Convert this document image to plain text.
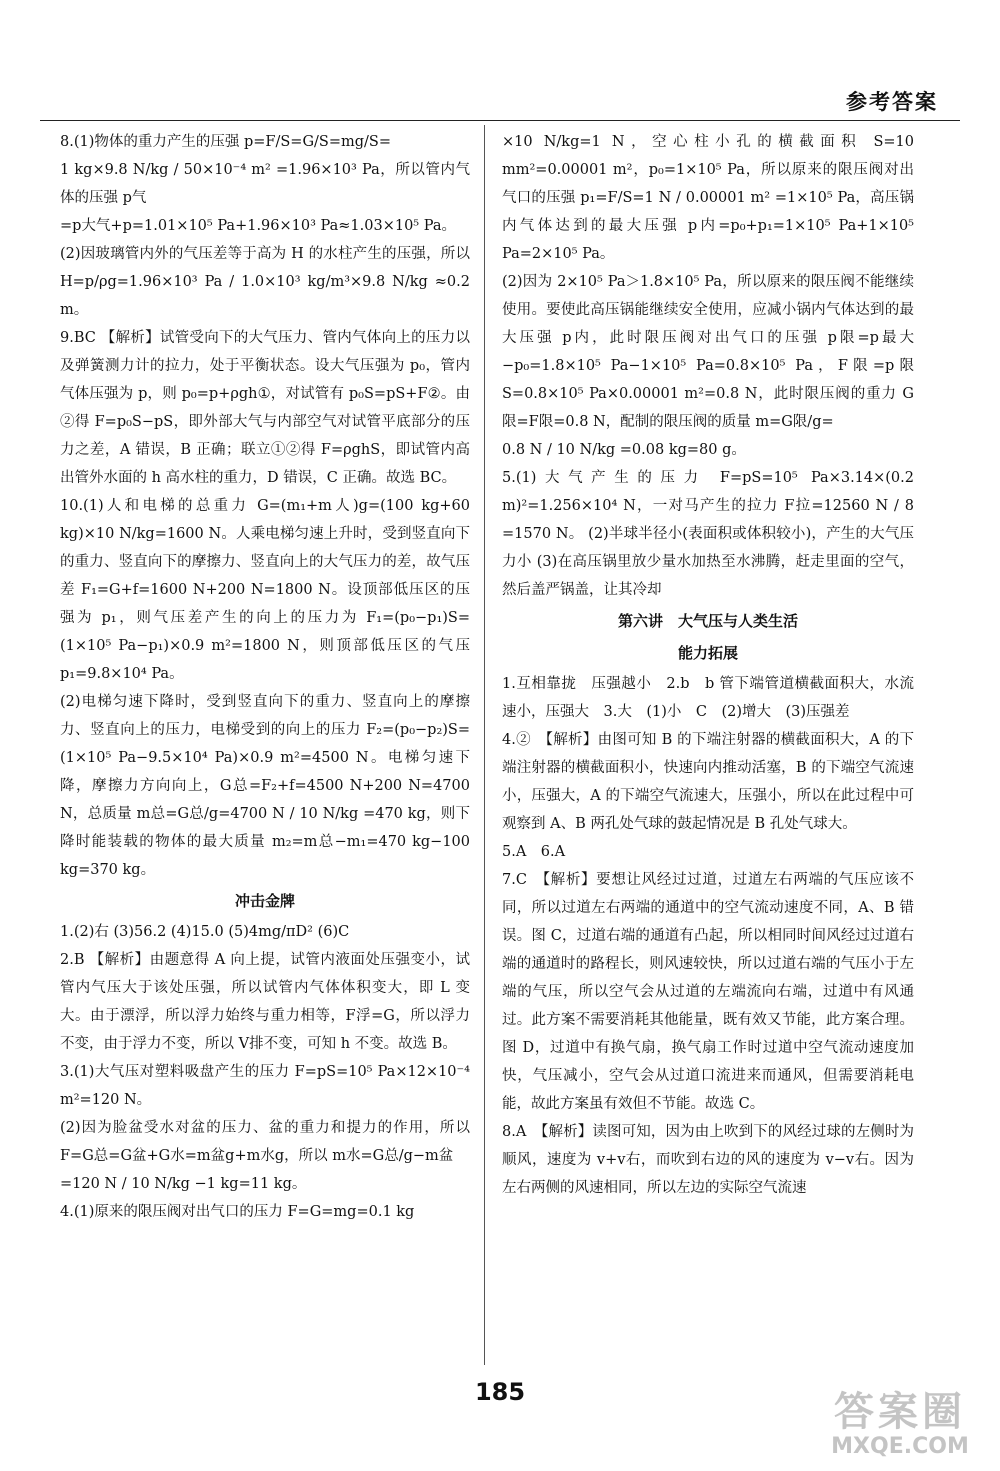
参考答案

8.(1)物体的重力产生的压强 p=F/S=G/S=mg/S=

1 kg×9.8 N/kg / 50×10⁻⁴ m² =1.96×10³ Pa，所以管内气体的压强 p气

=p大气+p=1.01×10⁵ Pa+1.96×10³ Pa≈1.03×10⁵ Pa。

(2)因玻璃管内外的气压差等于高为 H 的水柱产生的压强，所以 H=p/ρg=1.96×10³ Pa / 1.0×10³ kg/m³×9.8 N/kg ≈0.2 m。

9.BC 【解析】试管受向下的大气压力、管内气体向上的压力以及弹簧测力计的拉力，处于平衡状态。设大气压强为 p₀，管内气体压强为 p，则 p₀=p+ρgh①，对试管有 p₀S=pS+F②。由②得 F=p₀S−pS，即外部大气与内部空气对试管平底部分的压力之差，A 错误，B 正确；联立①②得 F=ρghS，即试管内高出管外水面的 h 高水柱的重力，D 错误，C 正确。故选 BC。

10.(1)人和电梯的总重力 G=(m₁+m人)g=(100 kg+60 kg)×10 N/kg=1600 N。人乘电梯匀速上升时，受到竖直向下的重力、竖直向下的摩擦力、竖直向上的大气压力的差，故气压差 F₁=G+f=1600 N+200 N=1800 N。设顶部低压区的压强为 p₁，则气压差产生的向上的压力为 F₁=(p₀−p₁)S=(1×10⁵ Pa−p₁)×0.9 m²=1800 N，则顶部低压区的气压 p₁=9.8×10⁴ Pa。

(2)电梯匀速下降时，受到竖直向下的重力、竖直向上的摩擦力、竖直向上的压力，电梯受到的向上的压力 F₂=(p₀−p₂)S=(1×10⁵ Pa−9.5×10⁴ Pa)×0.9 m²=4500 N。电梯匀速下降，摩擦力方向向上，G总=F₂+f=4500 N+200 N=4700 N，总质量 m总=G总/g=4700 N / 10 N/kg =470 kg，则下降时能装载的物体的最大质量 m₂=m总−m₁=470 kg−100 kg=370 kg。

冲击金牌

1.(2)右 (3)56.2 (4)15.0 (5)4mg/πD² (6)C

2.B 【解析】由题意得 A 向上提，试管内液面处压强变小，试管内气压大于该处压强，所以试管内气体体积变大，即 L 变大。由于漂浮，所以浮力始终与重力相等，F浮=G，所以浮力不变，由于浮力不变，所以 V排不变，可知 h 不变。故选 B。

3.(1)大气压对塑料吸盘产生的压力 F=pS=10⁵ Pa×12×10⁻⁴ m²=120 N。

(2)因为脸盆受水对盆的压力、盆的重力和提力的作用，所以 F=G总=G盆+G水=m盆g+m水g，所以 m水=G总/g−m盆

=120 N / 10 N/kg −1 kg=11 kg。

4.(1)原来的限压阀对出气口的压力 F=G=mg=0.1 kg

×10 N/kg=1 N，空心柱小孔的横截面积 S=10 mm²=0.00001 m²，p₀=1×10⁵ Pa，所以原来的限压阀对出气口的压强 p₁=F/S=1 N / 0.00001 m² =1×10⁵ Pa，高压锅内气体达到的最大压强 p内=p₀+p₁=1×10⁵ Pa+1×10⁵ Pa=2×10⁵ Pa。

(2)因为 2×10⁵ Pa＞1.8×10⁵ Pa，所以原来的限压阀不能继续使用。要使此高压锅能继续安全使用，应减小锅内气体达到的最大压强 p内，此时限压阀对出气口的压强 p限=p最大−p₀=1.8×10⁵ Pa−1×10⁵ Pa=0.8×10⁵ Pa，F限=p限S=0.8×10⁵ Pa×0.00001 m²=0.8 N，此时限压阀的重力 G限=F限=0.8 N，配制的限压阀的质量 m=G限/g=

0.8 N / 10 N/kg =0.08 kg=80 g。

5.(1)大气产生的压力 F=pS=10⁵ Pa×3.14×(0.2 m)²=1.256×10⁴ N，一对马产生的拉力 F拉=12560 N / 8 =1570 N。 (2)半球半径小(表面积或体积较小)，产生的大气压力小 (3)在高压锅里放少量水加热至水沸腾，赶走里面的空气，然后盖严锅盖，让其冷却

第六讲　大气压与人类生活
能力拓展

1.互相靠拢　压强越小　2.b　b 管下端管道横截面积大，水流速小，压强大　3.大　(1)小　C　(2)增大　(3)压强差

4.②　【解析】由图可知 B 的下端注射器的横截面积大，A 的下端注射器的横截面积小，快速向内推动活塞，B 的下端空气流速小，压强大，A 的下端空气流速大，压强小，所以在此过程中可观察到 A、B 两孔处气球的鼓起情况是 B 孔处气球大。

5.A　6.A

7.C　【解析】要想让风经过过道，过道左右两端的气压应该不同，所以过道左右两端的通道中的空气流动速度不同，A、B 错误。图 C，过道右端的通道有凸起，所以相同时间风经过过道右端的通道时的路程长，则风速较快，所以过道右端的气压小于左端的气压，所以空气会从过道的左端流向右端，过道中有风通过。此方案不需要消耗其他能量，既有效又节能，此方案合理。图 D，过道中有换气扇，换气扇工作时过道中空气流动速度加快，气压减小，空气会从过道口流进来而通风，但需要消耗电能，故此方案虽有效但不节能。故选 C。

8.A　【解析】读图可知，因为由上吹到下的风经过球的左侧时为顺风，速度为 v+v右，而吹到右边的风的速度为 v−v右。因为左右两侧的风速相同，所以左边的实际空气流速

185	答案圈
MXQE.COM
